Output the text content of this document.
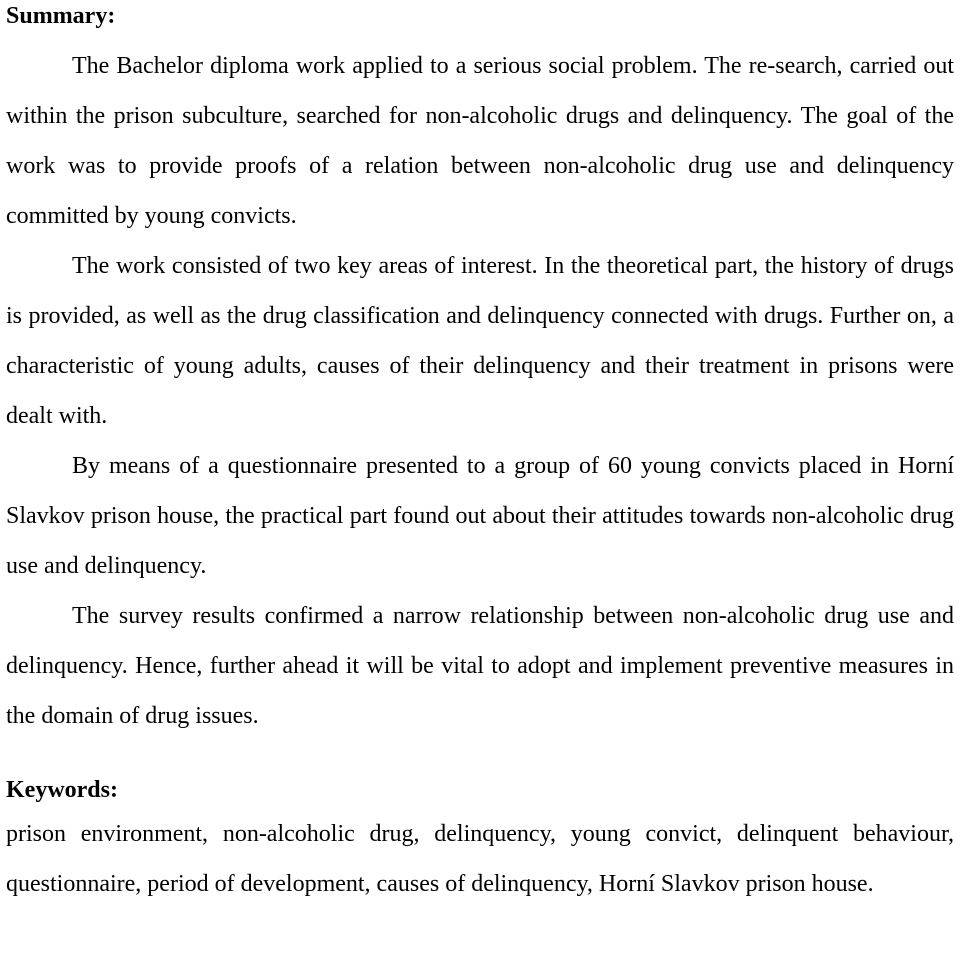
Summary:

The Bachelor diploma work applied to a serious social problem. The re-search, carried out within the prison subculture, searched for non-alcoholic drugs and delinquency. The goal of the work was to provide proofs of a relation between non-alcoholic drug use and delinquency committed by young convicts.

The work consisted of two key areas of interest. In the theoretical part, the history of drugs is provided, as well as the drug classification and delinquency connected with drugs. Further on, a characteristic of young adults, causes of their delinquency and their treatment in prisons were dealt with.

By means of a questionnaire presented to a group of 60 young convicts placed in Horní Slavkov prison house, the practical part found out about their attitudes towards non-alcoholic drug use and delinquency.

The survey results confirmed a narrow relationship between non-alcoholic drug use and delinquency. Hence, further ahead it will be vital to adopt and implement preventive measures in the domain of drug issues.

Keywords:

prison environment, non-alcoholic drug, delinquency, young convict, delinquent behaviour, questionnaire, period of development, causes of delinquency, Horní Slavkov prison house.
